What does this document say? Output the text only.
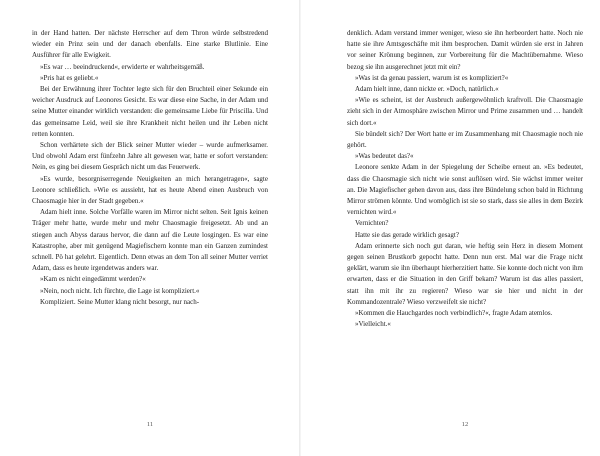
in der Hand hatten. Der nächste Herrscher auf dem Thron würde selbstredend wieder ein Prinz sein und der danach ebenfalls. Eine starke Blutlinie. Eine Ausführer für alle Ewigkeit.

»Es war … beeindruckend«, erwiderte er wahrheitsgemäß.

»Pris hat es geliebt.«

Bei der Erwähnung ihrer Tochter legte sich für den Bruchteil einer Sekunde ein weicher Ausdruck auf Leonores Gesicht. Es war diese eine Sache, in der Adam und seine Mutter einander wirklich verstanden: die gemeinsame Liebe für Priscilla. Und das gemeinsame Leid, weil sie ihre Krankheit nicht heilen und ihr Leben nicht retten konnten.

Schon verhärtete sich der Blick seiner Mutter wieder – wurde aufmerksamer. Und obwohl Adam erst fünfzehn Jahre alt gewesen war, hatte er sofort verstanden: Nein, es ging bei diesem Gespräch nicht um das Feuerwerk.

»Es wurde, besorgniserregende Neuigkeiten an mich herangetragen«, sagte Leonore schließlich. »Wie es aussieht, hat es heute Abend einen Ausbruch von Chaosmagie hier in der Stadt gegeben.«

Adam hielt inne. Solche Vorfälle waren im Mirror nicht selten. Seit Ignis keinen Träger mehr hatte, wurde mehr und mehr Chaosmagie freigesetzt. Ab und an stiegen auch Abyss daraus hervor, die dann auf die Leute losgingen. Es war eine Katastrophe, aber mit genügend Magiefischern konnte man ein Ganzen zumindest schnell. Pö hat gelehrt. Eigentlich. Denn etwas an dem Ton all seiner Mutter verriet Adam, dass es heute irgendetwas anders war.

»Kam es nicht eingedämmt werden?«

»Nein, noch nicht. Ich fürchte, die Lage ist kompliziert.«

Kompliziert. Seine Mutter klang nicht besorgt, nur nach-

denklich. Adam verstand immer weniger, wieso sie ihn herbeordert hatte. Noch nie hatte sie ihre Amtsgeschäfte mit ihm besprochen. Damit würden sie erst in Jahren vor seiner Krönung beginnen, zur Vorbereitung für die Machtübernahme. Wieso bezog sie ihn ausgerechnet jetzt mit ein?

»Was ist da genau passiert, warum ist es kompliziert?«

Adam hielt inne, dann nickte er. »Doch, natürlich.«

»Wie es scheint, ist der Ausbruch außergewöhnlich kraftvoll. Die Chaosmagie zieht sich in der Atmosphäre zwischen Mirror und Prime zusammen und … handelt sich dort.«

Sie bündelt sich? Der Wort hatte er im Zusammenhang mit Chaosmagie noch nie gehört.

»Was bedeutet das?«

Leonore senkte Adam in der Spiegelung der Scheibe erneut an. »Es bedeutet, dass die Chaosmagie sich nicht wie sonst auflösen wird. Sie wächst immer weiter an. Die Magiefischer gehen davon aus, dass ihre Bündelung schon bald in Richtung Mirror strömen könnte. Und womöglich ist sie so stark, dass sie alles in dem Bezirk vernichten wird.«

Vernichten?

Hatte sie das gerade wirklich gesagt?

Adam erinnerte sich noch gut daran, wie heftig sein Herz in diesem Moment gegen seinen Brustkorb gepocht hatte. Denn nun erst. Mal war die Frage nicht geklärt, warum sie ihn überhaupt hierherzitiert hatte. Sie konnte doch nicht von ihm erwarten, dass er die Situation in den Griff bekam? Warum ist das alles passiert, statt ihn mit ihr zu regieren? Wieso war sie hier und nicht in der Kommandozentrale? Wieso verzweifelt sie nicht?

»Kommen die Hauchgardes noch verbindlich?«, fragte Adam atemlos.

»Vielleicht.«

11	12
